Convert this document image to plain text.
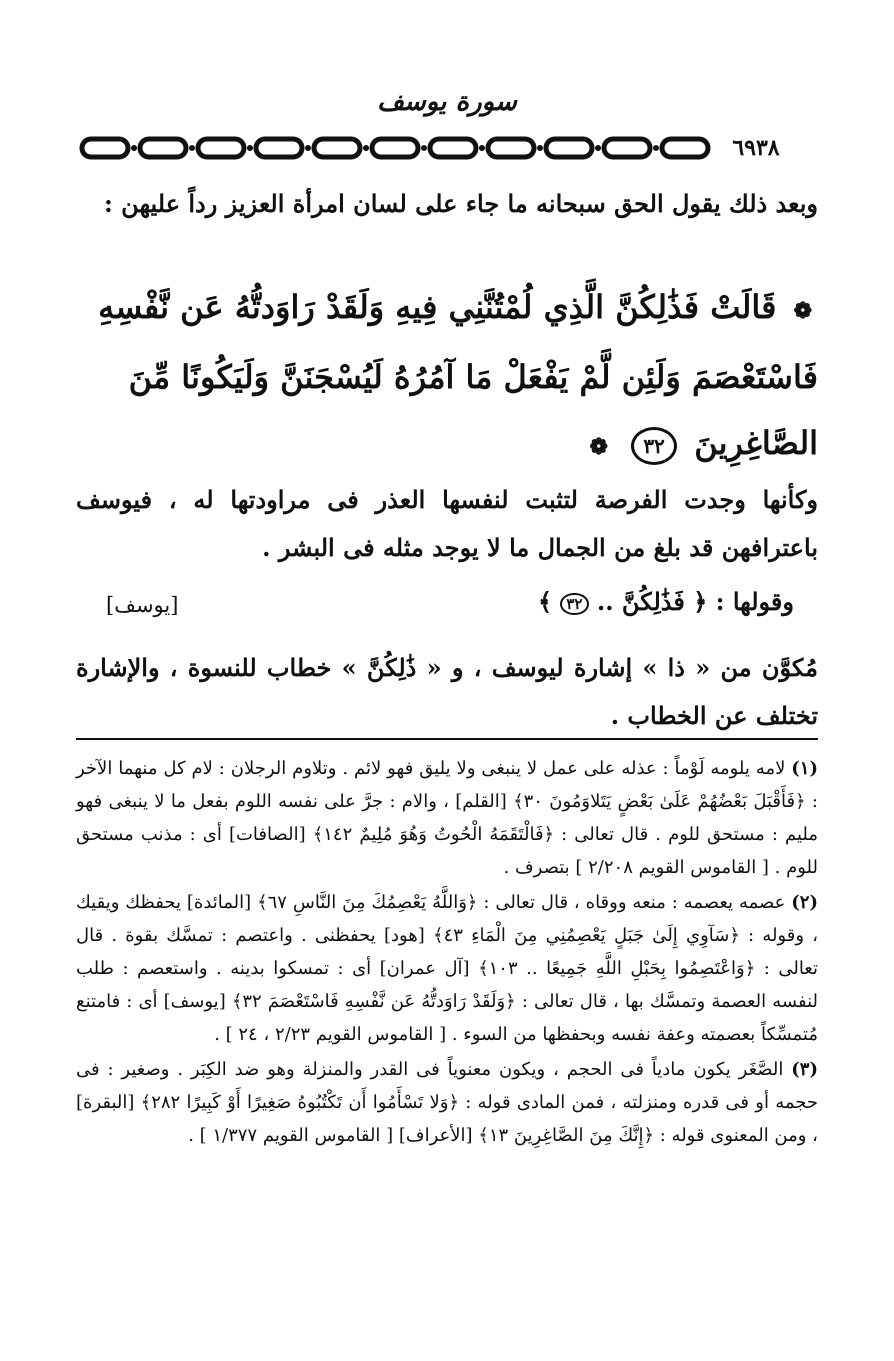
سورة يوسف
٦٩٣٨

وبعد ذلك يقول الحق سبحانه ما جاء على لسان امرأة العزيز رداً عليهن :

❁ قَالَتْ فَذَٰلِكُنَّ الَّذِي لُمْتُنَّنِي فِيهِ وَلَقَدْ رَاوَدتُّهُ عَن نَّفْسِهِ فَاسْتَعْصَمَ وَلَئِن لَّمْ يَفْعَلْ مَا آمُرُهُ لَيُسْجَنَنَّ وَلَيَكُونًا مِّنَ الصَّاغِرِينَ ٣٢ ❁

وكأنها وجدت الفرصة لتثبت لنفسها العذر فى مراودتها له ، فيوسف باعترافهن قد بلغ من الجمال ما لا يوجد مثله فى البشر .

وقولها : ﴿ فَذَٰلِكُنَّ .. ٣٢ ﴾
[يوسف]

مُكوَّن من « ذا » إشارة ليوسف ، و « ذَٰلِكُنَّ » خطاب للنسوة ، والإشارة تختلف عن الخطاب .

(١) لامه يلومه لَوْماً : عذله على عمل لا ينبغى ولا يليق فهو لائم . وتلاوم الرجلان : لام كل منهما الآخر : ﴿فَأَقْبَلَ بَعْضُهُمْ عَلَىٰ بَعْضٍ يَتَلاوَمُونَ ٣٠﴾ [القلم] ، والام : جرَّ على نفسه اللوم بفعل ما لا ينبغى فهو مليم : مستحق للوم . قال تعالى : ﴿فَالْتَقَمَهُ الْحُوتُ وَهُوَ مُلِيمٌ ١٤٢﴾ [الصافات] أى : مذنب مستحق للوم . [ القاموس القويم ٢/٢٠٨ ] بتصرف .

(٢) عصمه يعصمه : منعه ووقاه ، قال تعالى : ﴿وَاللَّهُ يَعْصِمُكَ مِنَ النَّاسِ ٦٧﴾ [المائدة] يحفظك ويقيك ، وقوله : ﴿سَآوِي إِلَىٰ جَبَلٍ يَعْصِمُنِي مِنَ الْمَاءِ ٤٣﴾ [هود] يحفظنى . واعتصم : تمسَّك بقوة . قال تعالى : ﴿وَاعْتَصِمُوا بِحَبْلِ اللَّهِ جَمِيعًا .. ١٠٣﴾ [آل عمران] أى : تمسكوا بدينه . واستعصم : طلب لنفسه العصمة وتمسَّك بها ، قال تعالى : ﴿وَلَقَدْ رَاوَدتُّهُ عَن نَّفْسِهِ فَاسْتَعْصَمَ ٣٢﴾ [يوسف] أى : فامتنع مُتمسِّكاً بعصمته وعفة نفسه وبحفظها من السوء . [ القاموس القويم ٢/٢٣ ، ٢٤ ] .

(٣) الصَّغَر يكون مادياً فى الحجم ، ويكون معنوياً فى القدر والمنزلة وهو ضد الكِبَر . وصغير : فى حجمه أو فى قدره ومنزلته ، فمن المادى قوله : ﴿وَلا تَسْأَمُوا أَن تَكْتُبُوهُ صَغِيرًا أَوْ كَبِيرًا ٢٨٢﴾ [البقرة] ، ومن المعنوى قوله : ﴿إِنَّكَ مِنَ الصَّاغِرِينَ ١٣﴾ [الأعراف] [ القاموس القويم ١/٣٧٧ ] .
